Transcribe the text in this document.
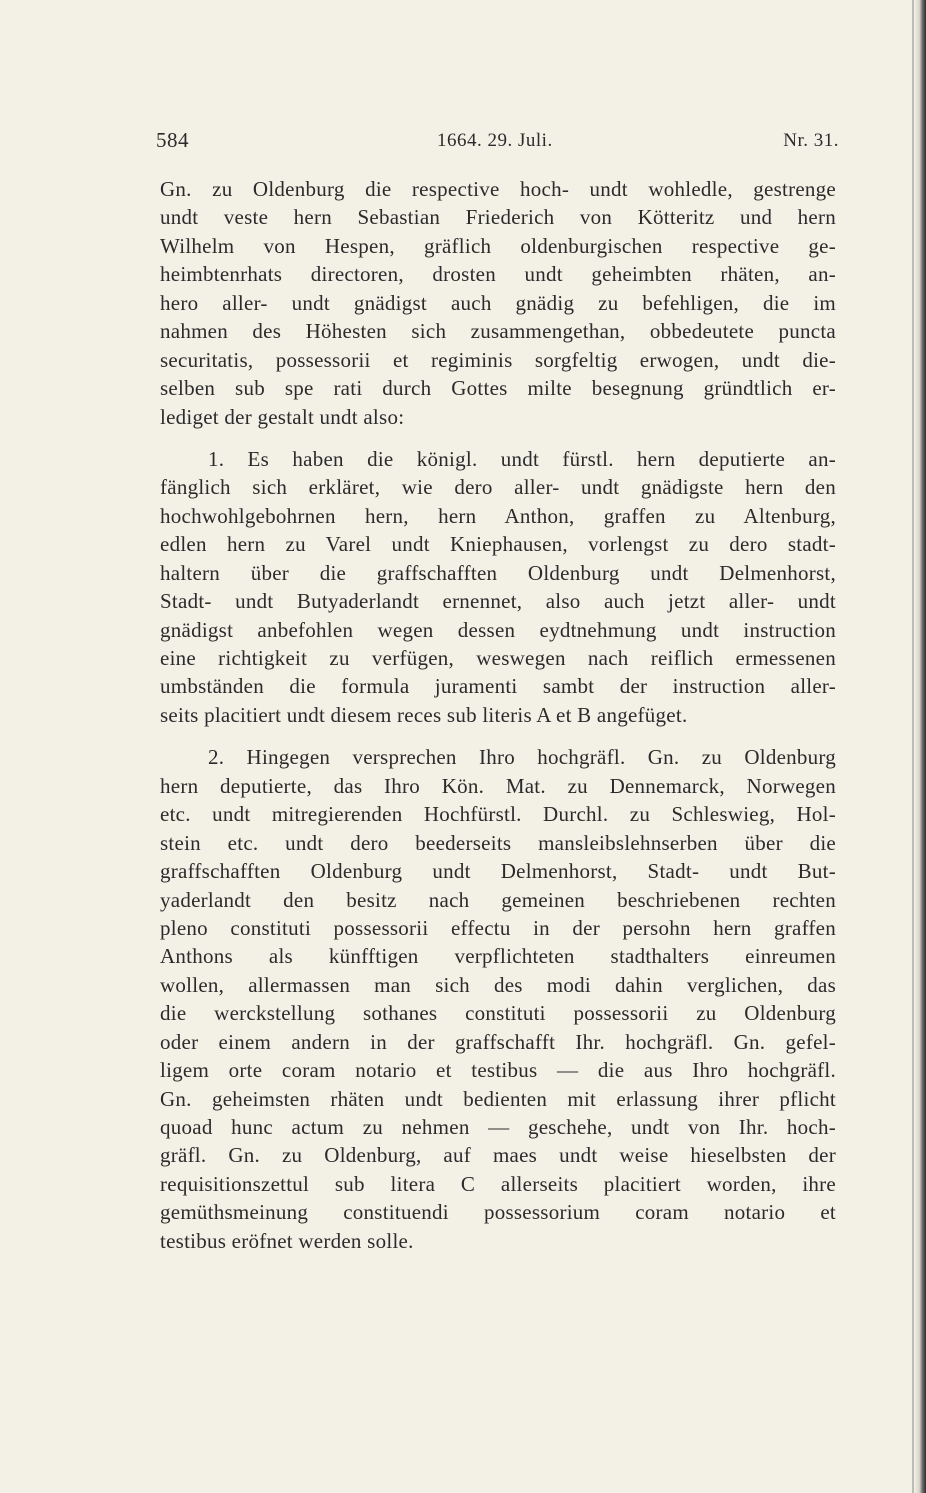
584	1664. 29. Juli.	Nr. 31.
Gn. zu Oldenburg die respective hoch- undt wohledle, gestrenge
undt veste hern Sebastian Friederich von Kötteritz und hern
Wilhelm von Hespen, gräflich oldenburgischen respective ge-
heimbtenrhats directoren, drosten undt geheimbten rhäten, an-
hero aller- undt gnädigst auch gnädig zu befehligen, die im
nahmen des Höhesten sich zusammengethan, obbedeutete puncta
securitatis, possessorii et regiminis sorgfeltig erwogen, undt die-
selben sub spe rati durch Gottes milte besegnung gründtlich er-
lediget der gestalt undt also:
1. Es haben die königl. undt fürstl. hern deputierte an-
fänglich sich erkläret, wie dero aller- undt gnädigste hern den
hochwohlgebohrnen hern, hern Anthon, graffen zu Altenburg,
edlen hern zu Varel undt Kniephausen, vorlengst zu dero stadt-
haltern über die graffschafften Oldenburg undt Delmenhorst,
Stadt- undt Butyaderlandt ernennet, also auch jetzt aller- undt
gnädigst anbefohlen wegen dessen eydtnehmung undt instruction
eine richtigkeit zu verfügen, weswegen nach reiflich ermessenen
umbständen die formula juramenti sambt der instruction aller-
seits placitiert undt diesem reces sub literis A et B angefüget.
2. Hingegen versprechen Ihro hochgräfl. Gn. zu Oldenburg
hern deputierte, das Ihro Kön. Mat. zu Dennemarck, Norwegen
etc. undt mitregierenden Hochfürstl. Durchl. zu Schleswieg, Hol-
stein etc. undt dero beederseits mansleibslehnserben über die
graffschafften Oldenburg undt Delmenhorst, Stadt- undt But-
yaderlandt den besitz nach gemeinen beschriebenen rechten
pleno constituti possessorii effectu in der persohn hern graffen
Anthons als künfftigen verpflichteten stadthalters einreumen
wollen, allermassen man sich des modi dahin verglichen, das
die werckstellung sothanes constituti possessorii zu Oldenburg
oder einem andern in der graffschafft Ihr. hochgräfl. Gn. gefel-
ligem orte coram notario et testibus — die aus Ihro hochgräfl.
Gn. geheimsten rhäten undt bedienten mit erlassung ihrer pflicht
quoad hunc actum zu nehmen — geschehe, undt von Ihr. hoch-
gräfl. Gn. zu Oldenburg, auf maes undt weise hieselbsten der
requisitionszettul sub litera C allerseits placitiert worden, ihre
gemüthsmeinung constituendi possessorium coram notario et
testibus eröfnet werden solle.
